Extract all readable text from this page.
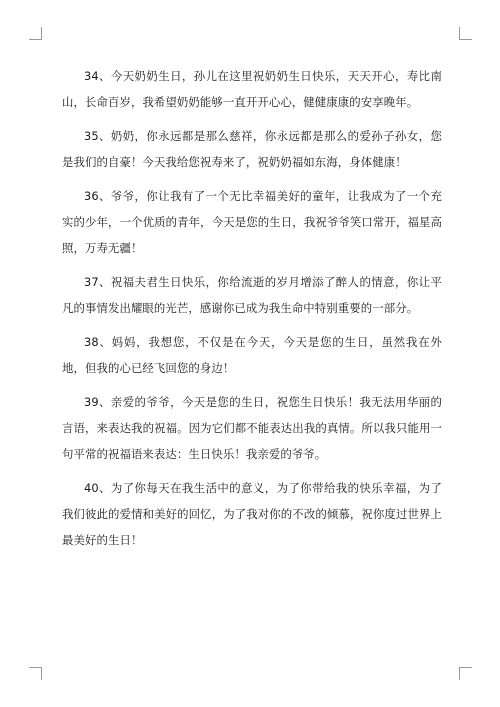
34、今天奶奶生日，孙儿在这里祝奶奶生日快乐，天天开心，寿比南山，长命百岁，我希望奶奶能够一直开开心心，健健康康的安享晚年。

35、奶奶，你永远都是那么慈祥，你永远都是那么的爱孙子孙女，您是我们的自豪！今天我给您祝寿来了，祝奶奶福如东海，身体健康！

36、爷爷，你让我有了一个无比幸福美好的童年，让我成为了一个充实的少年，一个优质的青年，今天是您的生日，我祝爷爷笑口常开，福星高照，万寿无疆！

37、祝福夫君生日快乐，你给流逝的岁月增添了醉人的情意，你让平凡的事情发出耀眼的光芒，感谢你已成为我生命中特别重要的一部分。

38、妈妈，我想您，不仅是在今天，今天是您的生日，虽然我在外地，但我的心已经飞回您的身边！

39、亲爱的爷爷，今天是您的生日，祝您生日快乐！我无法用华丽的言语，来表达我的祝福。因为它们都不能表达出我的真情。所以我只能用一句平常的祝福语来表达：生日快乐！我亲爱的爷爷。

40、为了你每天在我生活中的意义，为了你带给我的快乐幸福，为了我们彼此的爱情和美好的回忆，为了我对你的不改的倾慕，祝你度过世界上最美好的生日！
